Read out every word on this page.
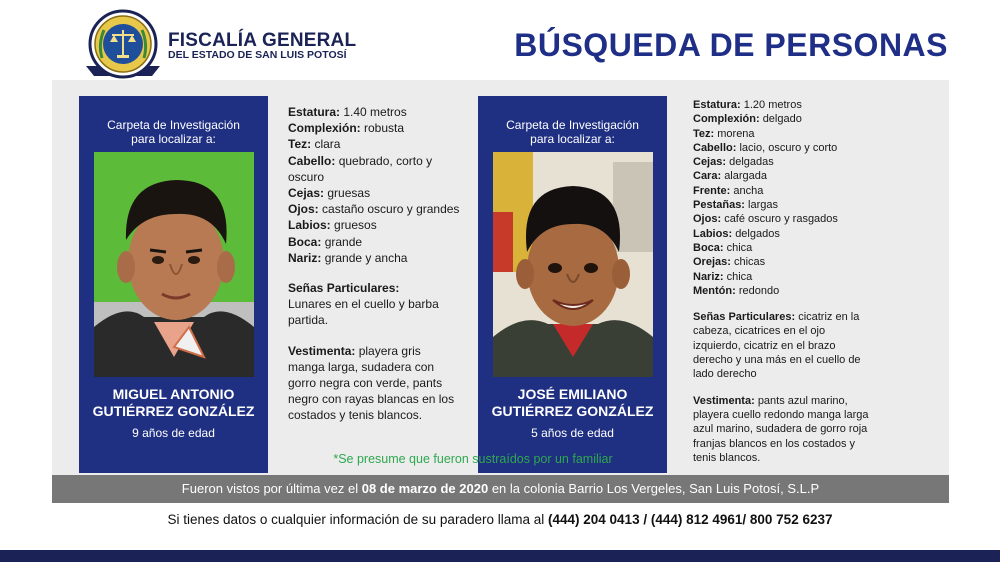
FISCALÍA GENERAL
DEL ESTADO DE SAN LUIS POTOSÍ	BÚSQUEDA DE PERSONAS
Carpeta de Investigación
para localizar a:
MIGUEL ANTONIO
GUTIÉRREZ GONZÁLEZ
9 años de edad

Estatura: 1.40 metros

Complexión: robusta

Tez: clara

Cabello: quebrado, corto y oscuro

Cejas: gruesas

Ojos: castaño oscuro y grandes

Labios: gruesos

Boca: grande

Nariz: grande y ancha

Señas Particulares:

Lunares en el cuello y barba partida.

Vestimenta: playera gris manga larga, sudadera con gorro negra con verde, pants negro con rayas blancas en los costados y tenis blancos.

Carpeta de Investigación
para localizar a:
JOSÉ EMILIANO
GUTIÉRREZ GONZÁLEZ
5 años de edad

Estatura: 1.20 metros

Complexión: delgado

Tez: morena

Cabello: lacio, oscuro y corto

Cejas: delgadas

Cara: alargada

Frente: ancha

Pestañas: largas

Ojos: café oscuro y rasgados

Labios: delgados

Boca: chica

Orejas: chicas

Nariz: chica

Mentón: redondo

Señas Particulares: cicatriz en la cabeza, cicatrices en el ojo izquierdo, cicatriz en el brazo derecho y una más en el cuello de lado derecho

Vestimenta: pants azul marino, playera cuello redondo manga larga azul marino, sudadera de gorro roja franjas blancos en los costados y tenis blancos.

*Se presume que fueron sustraídos por un familiar
Fueron vistos por última vez el 08 de marzo de 2020 en la colonia Barrio Los Vergeles, San Luis Potosí, S.L.P
Si tienes datos o cualquier información de su paradero llama al (444) 204 0413 / (444) 812 4961/ 800 752 6237
